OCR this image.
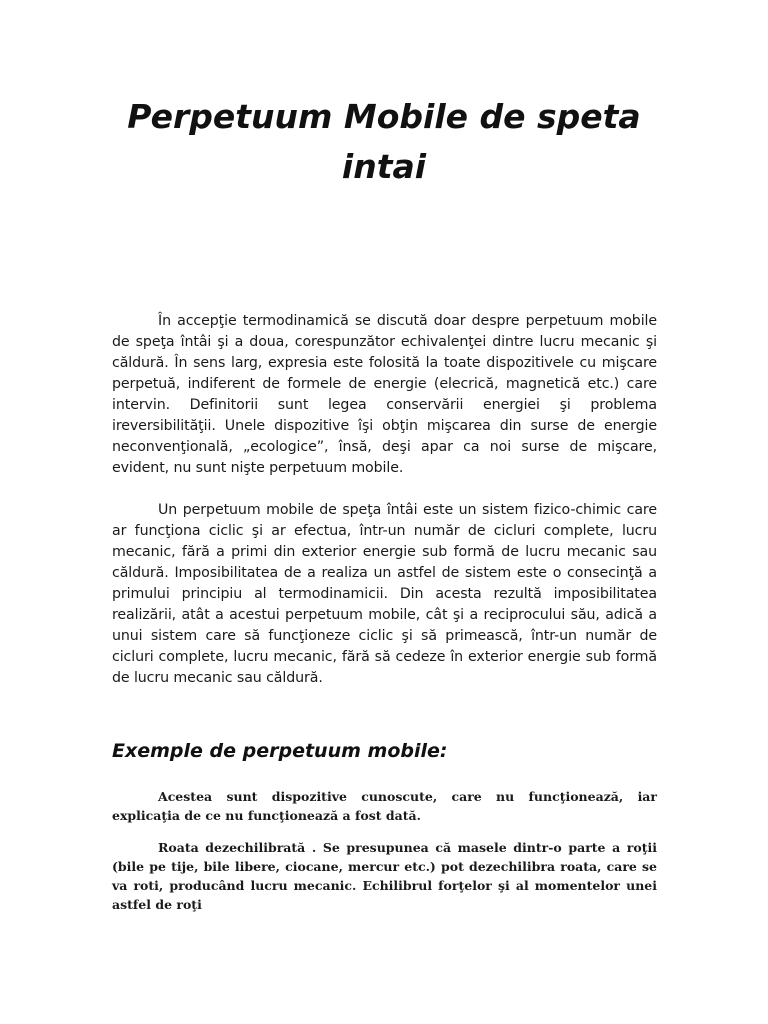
Perpetuum Mobile de speta intai

În accepţie termodinamică se discută doar despre perpetuum mobile de speţa întâi şi a doua, corespunzător echivalenţei dintre lucru mecanic şi căldură. În sens larg, expresia este folosită la toate dispozitivele cu mişcare perpetuă, indiferent de formele de energie (elecrică, magnetică etc.) care intervin. Definitorii sunt legea conservării energiei şi problema ireversibilităţii. Unele dispozitive îşi obţin mişcarea din surse de energie neconvenţională, „ecologice”, însă, deşi apar ca noi surse de mişcare, evident, nu sunt nişte perpetuum mobile.

Un perpetuum mobile de speţa întâi este un sistem fizico-chimic care ar funcţiona ciclic şi ar efectua, într-un număr de cicluri complete, lucru mecanic, fără a primi din exterior energie sub formă de lucru mecanic sau căldură. Imposibilitatea de a realiza un astfel de sistem este o consecinţă a primului principiu al termodinamicii. Din acesta rezultă imposibilitatea realizării, atât a acestui perpetuum mobile, cât şi a reciprocului său, adică a unui sistem care să funcţioneze ciclic şi să primească, într-un număr de cicluri complete, lucru mecanic, fără să cedeze în exterior energie sub formă de lucru mecanic sau căldură.

Exemple de perpetuum mobile:

Acestea sunt dispozitive cunoscute, care nu funcţionează, iar explicaţia de ce nu funcţionează a fost dată.

Roata dezechilibrată . Se presupunea că masele dintr-o parte a roţii (bile pe tije, bile libere, ciocane, mercur etc.) pot dezechilibra roata, care se va roti, producând lucru mecanic. Echilibrul forţelor şi al momentelor unei astfel de roţi
